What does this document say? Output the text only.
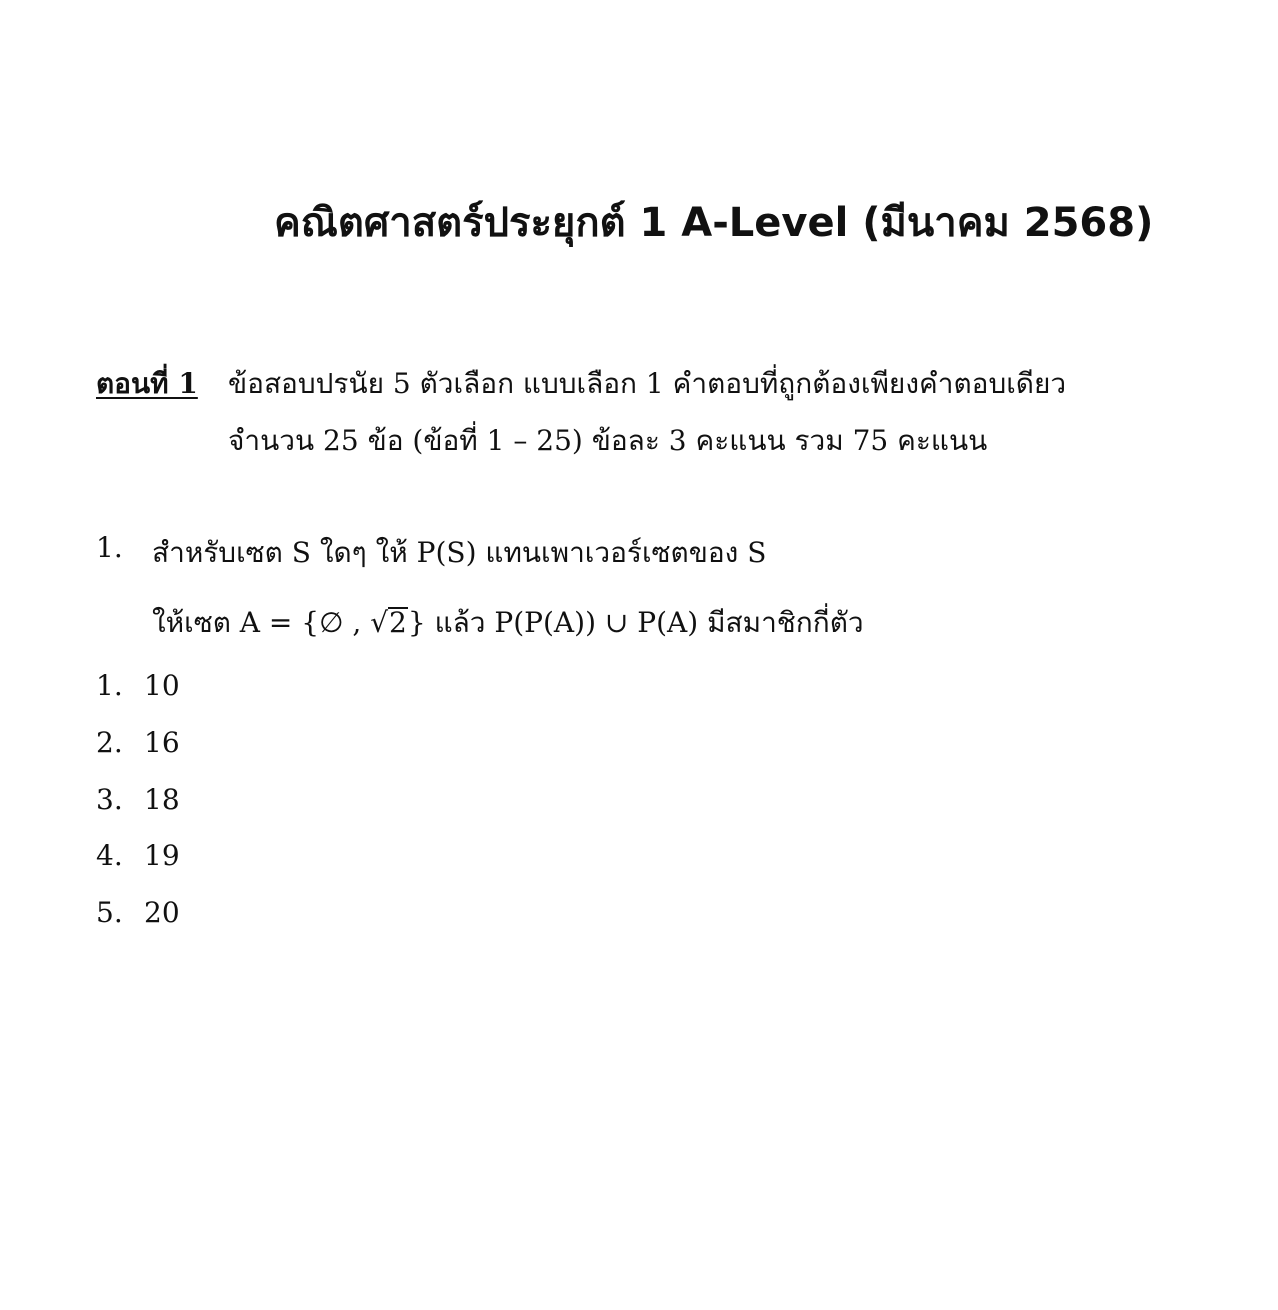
คณิตศาสตร์ประยุกต์ 1 A-Level (มีนาคม 2568)
ตอนที่ 1 ข้อสอบปรนัย 5 ตัวเลือก แบบเลือก 1 คำตอบที่ถูกต้องเพียงคำตอบเดียว
จำนวน 25 ข้อ (ข้อที่ 1 – 25) ข้อละ 3 คะแนน รวม 75 คะแนน
1. สำหรับเซต S ใดๆ ให้ P(S) แทนเพาเวอร์เซตของ S
ให้เซต A = {∅ , √2} แล้ว P(P(A)) ∪ P(A) มีสมาชิกกี่ตัว
1. 10
2. 16
3. 18
4. 19
5. 20
